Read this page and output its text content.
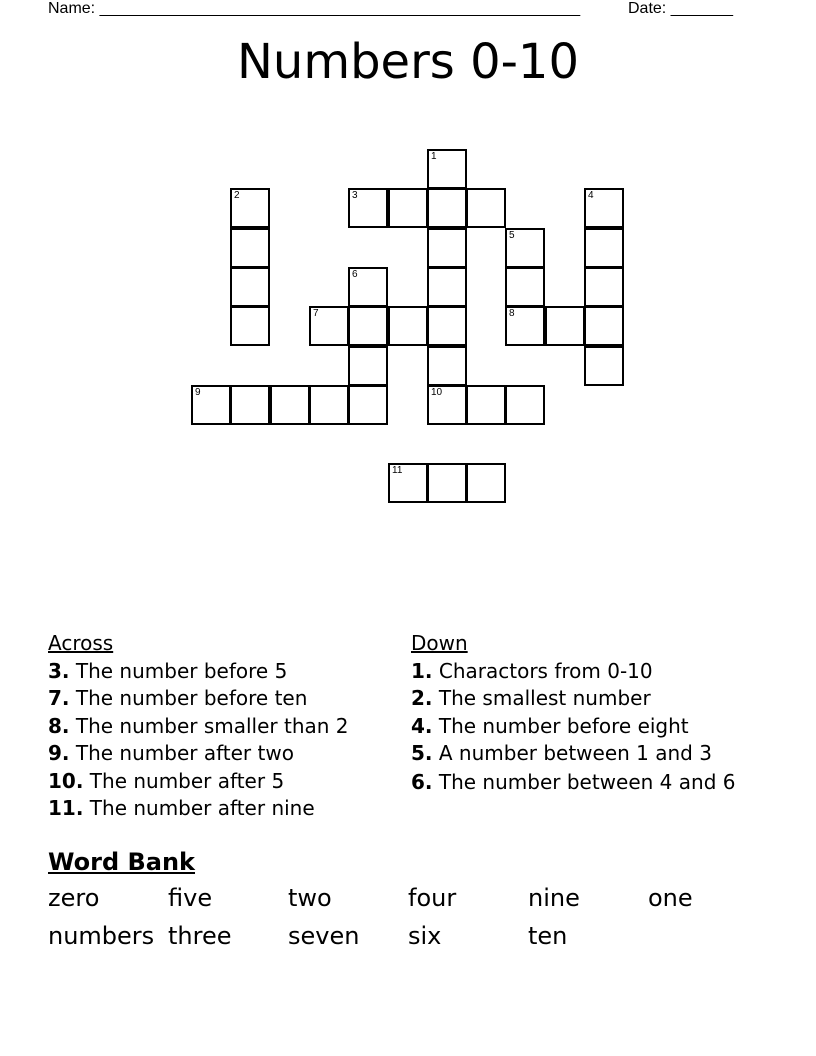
Name: ______________________________________________________	Date: _______
Numbers 0-10
1
2	3	4
5
6
7	8
9	10
11
Across
3. The number before 5
7. The number before ten
8. The number smaller than 2
9. The number after two
10. The number after 5
11. The number after nine
Down
1. Charactors from 0-10
2. The smallest number
4. The number before eight
5. A number between 1 and 3
6. The number between 4 and 6
Word Bank
zero	five	two	four	nine	one
numbers three seven six	ten
